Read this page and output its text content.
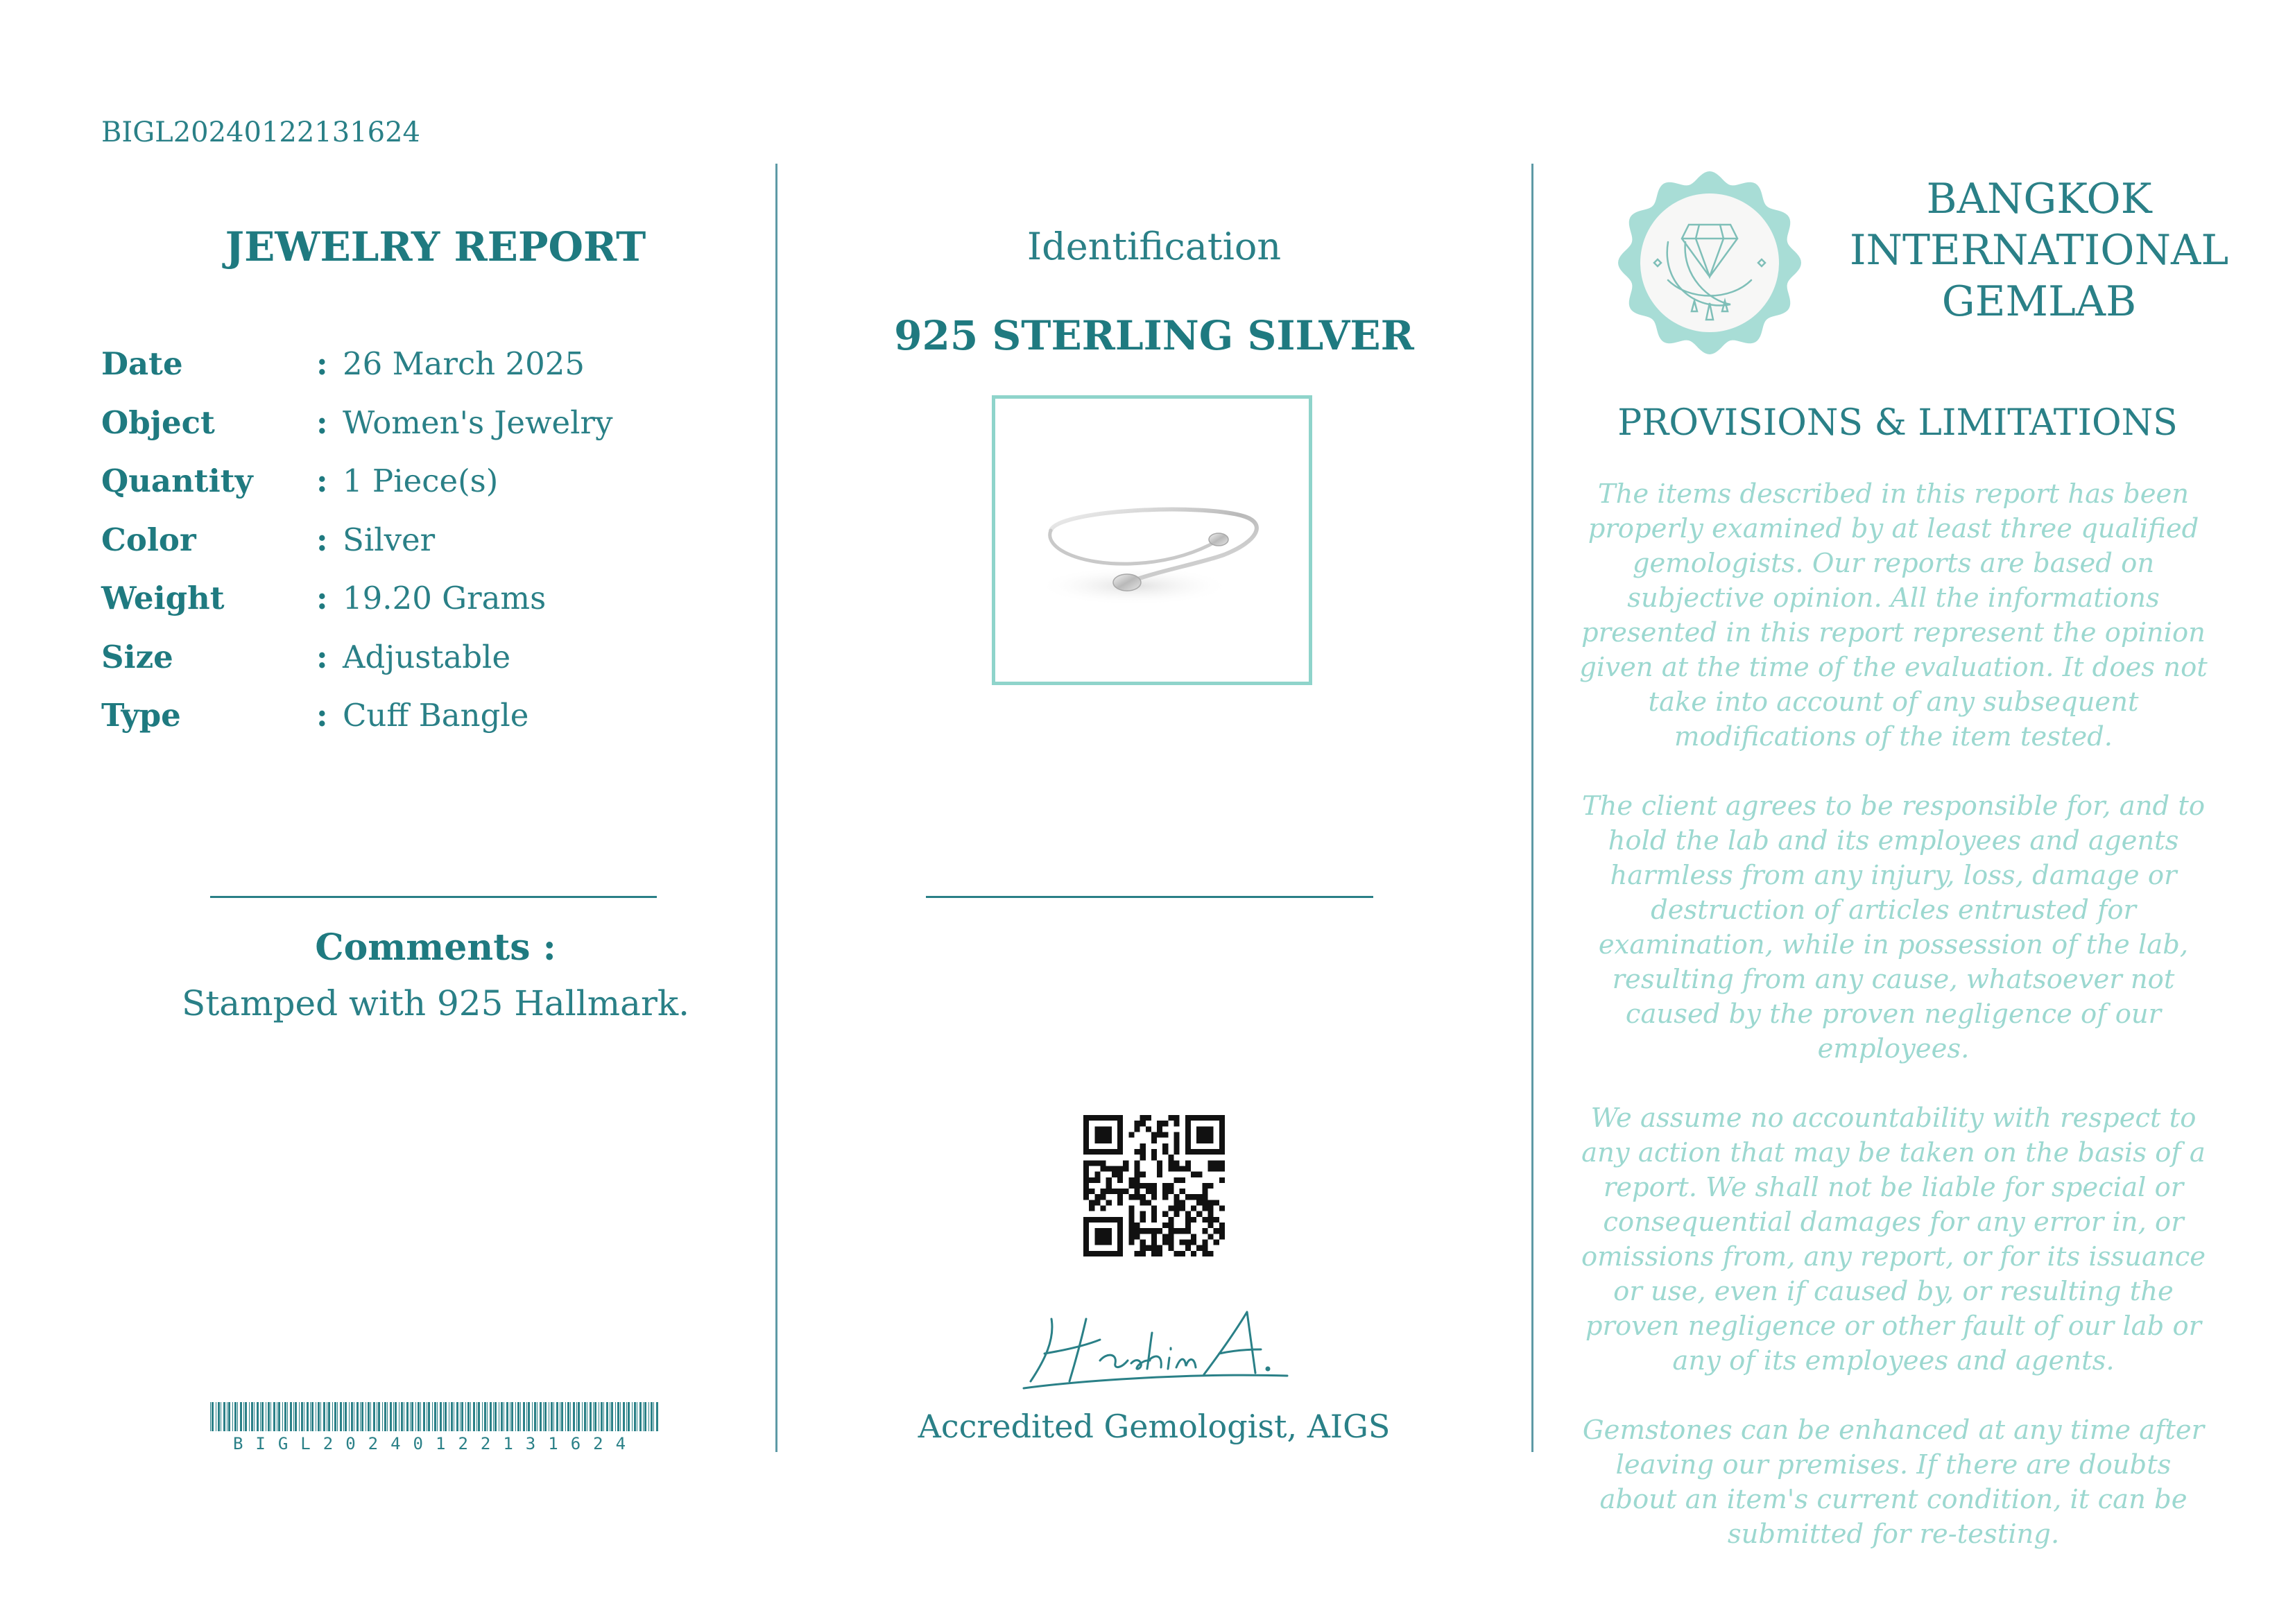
BIGL20240122131624
JEWELRY REPORT
Date	: 26 March 2025
Object	: Women's Jewelry
Quantity : 1 Piece(s)
Color	: Silver
Weight	: 19.20 Grams
Size	: Adjustable
Type	: Cuff Bangle
Comments :
Stamped with 925 Hallmark.
BIGL20240122131624
Identification
925 STERLING SILVER
Accredited Gemologist, AIGS
BANGKOK
INTERNATIONAL
GEMLAB
PROVISIONS & LIMITATIONS

The items described in this report has been properly examined by at least three qualified gemologists. Our reports are based on subjective opinion. All the informations presented in this report represent the opinion given at the time of the evaluation. It does not take into account of any subsequent modifications of the item tested.

The client agrees to be responsible for, and to hold the lab and its employees and agents harmless from any injury, loss, damage or destruction of articles entrusted for examination, while in possession of the lab, resulting from any cause, whatsoever not caused by the proven negligence of our employees.

We assume no accountability with respect to any action that may be taken on the basis of a report. We shall not be liable for special or consequential damages for any error in, or omissions from, any report, or for its issuance or use, even if caused by, or resulting the proven negligence or other fault of our lab or any of its employees and agents.

Gemstones can be enhanced at any time after leaving our premises. If there are doubts about an item's current condition, it can be submitted for re-testing.
